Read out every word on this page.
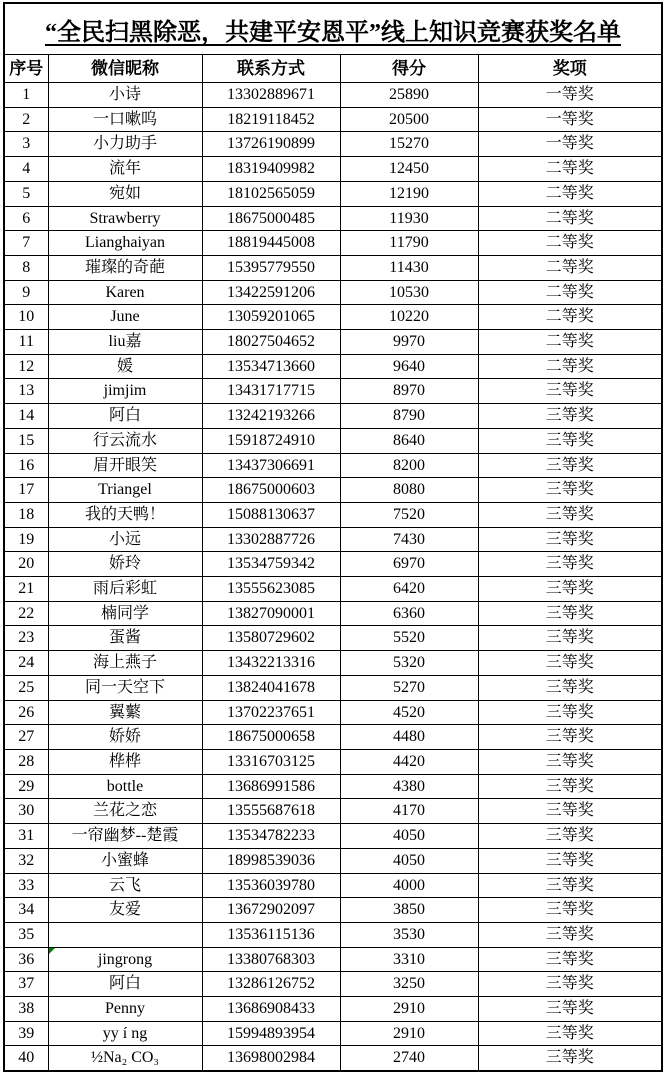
“全民扫黑除恶，共建平安恩平”线上知识竞赛获奖名单				
序号	微信昵称	联系方式	得分	奖项
1	小诗	13302889671	25890	一等奖
2	一口嗽呜	18219118452	20500	一等奖
3	小力助手	13726190899	15270	一等奖
4	流年	18319409982	12450	二等奖
5	宛如	18102565059	12190	二等奖
6	Strawberry	18675000485	11930	二等奖
7	Lianghaiyan	18819445008	11790	二等奖
8	璀璨的奇葩	15395779550	11430	二等奖
9	Karen	13422591206	10530	二等奖
10	June	13059201065	10220	二等奖
11	liu嘉	18027504652	9970	二等奖
12	媛	13534713660	9640	二等奖
13	jimjim	13431717715	8970	三等奖
14	阿白	13242193266	8790	三等奖
15	行云流水	15918724910	8640	三等奖
16	眉开眼笑	13437306691	8200	三等奖
17	Triangel	18675000603	8080	三等奖
18	我的天鸭！	15088130637	7520	三等奖
19	小远	13302887726	7430	三等奖
20	娇玲	13534759342	6970	三等奖
21	雨后彩虹	13555623085	6420	三等奖
22	楠同学	13827090001	6360	三等奖
23	蛋酱	13580729602	5520	三等奖
24	海上燕子	13432213316	5320	三等奖
25	同一天空下	13824041678	5270	三等奖
26	翼蘩	13702237651	4520	三等奖
27	娇娇	18675000658	4480	三等奖
28	桦桦	13316703125	4420	三等奖
29	bottle	13686991586	4380	三等奖
30	兰花之恋	13555687618	4170	三等奖
31	一帘幽梦--楚霞	13534782233	4050	三等奖
32	小蜜蜂	18998539036	4050	三等奖
33	云飞	13536039780	4000	三等奖
34	友爱	13672902097	3850	三等奖
35		13536115136	3530	三等奖
36	jingrong	13380768303	3310	三等奖
37	阿白	13286126752	3250	三等奖
38	Penny	13686908433	2910	三等奖
39	yy í ng	15994893954	2910	三等奖
40	½Na₂ CO₃	13698002984	2740	三等奖
